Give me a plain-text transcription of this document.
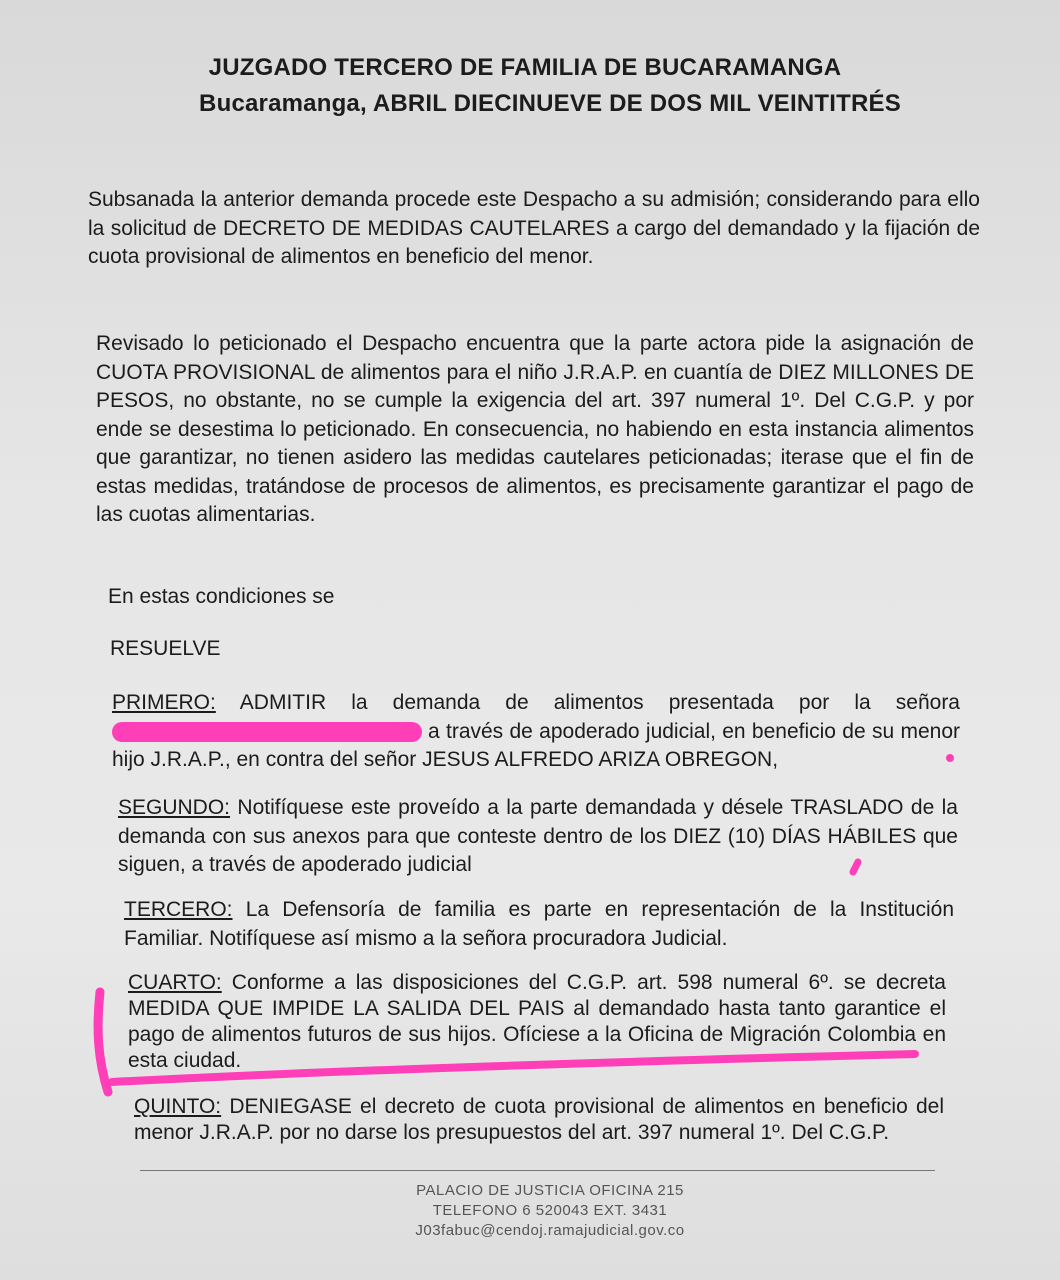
JUZGADO TERCERO DE FAMILIA DE BUCARAMANGA
Bucaramanga, ABRIL DIECINUEVE DE DOS MIL VEINTITRÉS
Subsanada la anterior demanda procede este Despacho a su admisión; considerando para ello la solicitud de DECRETO DE MEDIDAS CAUTELARES a cargo del demandado y la fijación de cuota provisional de alimentos en beneficio del menor.
Revisado lo peticionado el Despacho encuentra que la parte actora pide la asignación de CUOTA PROVISIONAL de alimentos para el niño J.R.A.P. en cuantía de DIEZ MILLONES DE PESOS, no obstante, no se cumple la exigencia del art. 397 numeral 1º. Del C.G.P. y por ende se desestima lo peticionado. En consecuencia, no habiendo en esta instancia alimentos que garantizar, no tienen asidero las medidas cautelares peticionadas; iterase que el fin de estas medidas, tratándose de procesos de alimentos, es precisamente garantizar el pago de las cuotas alimentarias.
En estas condiciones se
RESUELVE
PRIMERO: ADMITIR la demanda de alimentos presentada por la señora a través de apoderado judicial, en beneficio de su menor hijo J.R.A.P., en contra del señor JESUS ALFREDO ARIZA OBREGON,
SEGUNDO: Notifíquese este proveído a la parte demandada y désele TRASLADO de la demanda con sus anexos para que conteste dentro de los DIEZ (10) DÍAS HÁBILES que siguen, a través de apoderado judicial
TERCERO: La Defensoría de familia es parte en representación de la Institución Familiar. Notifíquese así mismo a la señora procuradora Judicial.
CUARTO: Conforme a las disposiciones del C.G.P. art. 598 numeral 6º. se decreta MEDIDA QUE IMPIDE LA SALIDA DEL PAIS al demandado hasta tanto garantice el pago de alimentos futuros de sus hijos. Ofíciese a la Oficina de Migración Colombia en esta ciudad.
QUINTO: DENIEGASE el decreto de cuota provisional de alimentos en beneficio del menor J.R.A.P. por no darse los presupuestos del art. 397 numeral 1º. Del C.G.P.
PALACIO DE JUSTICIA OFICINA 215
TELEFONO 6 520043 EXT. 3431
J03fabuc@cendoj.ramajudicial.gov.co
